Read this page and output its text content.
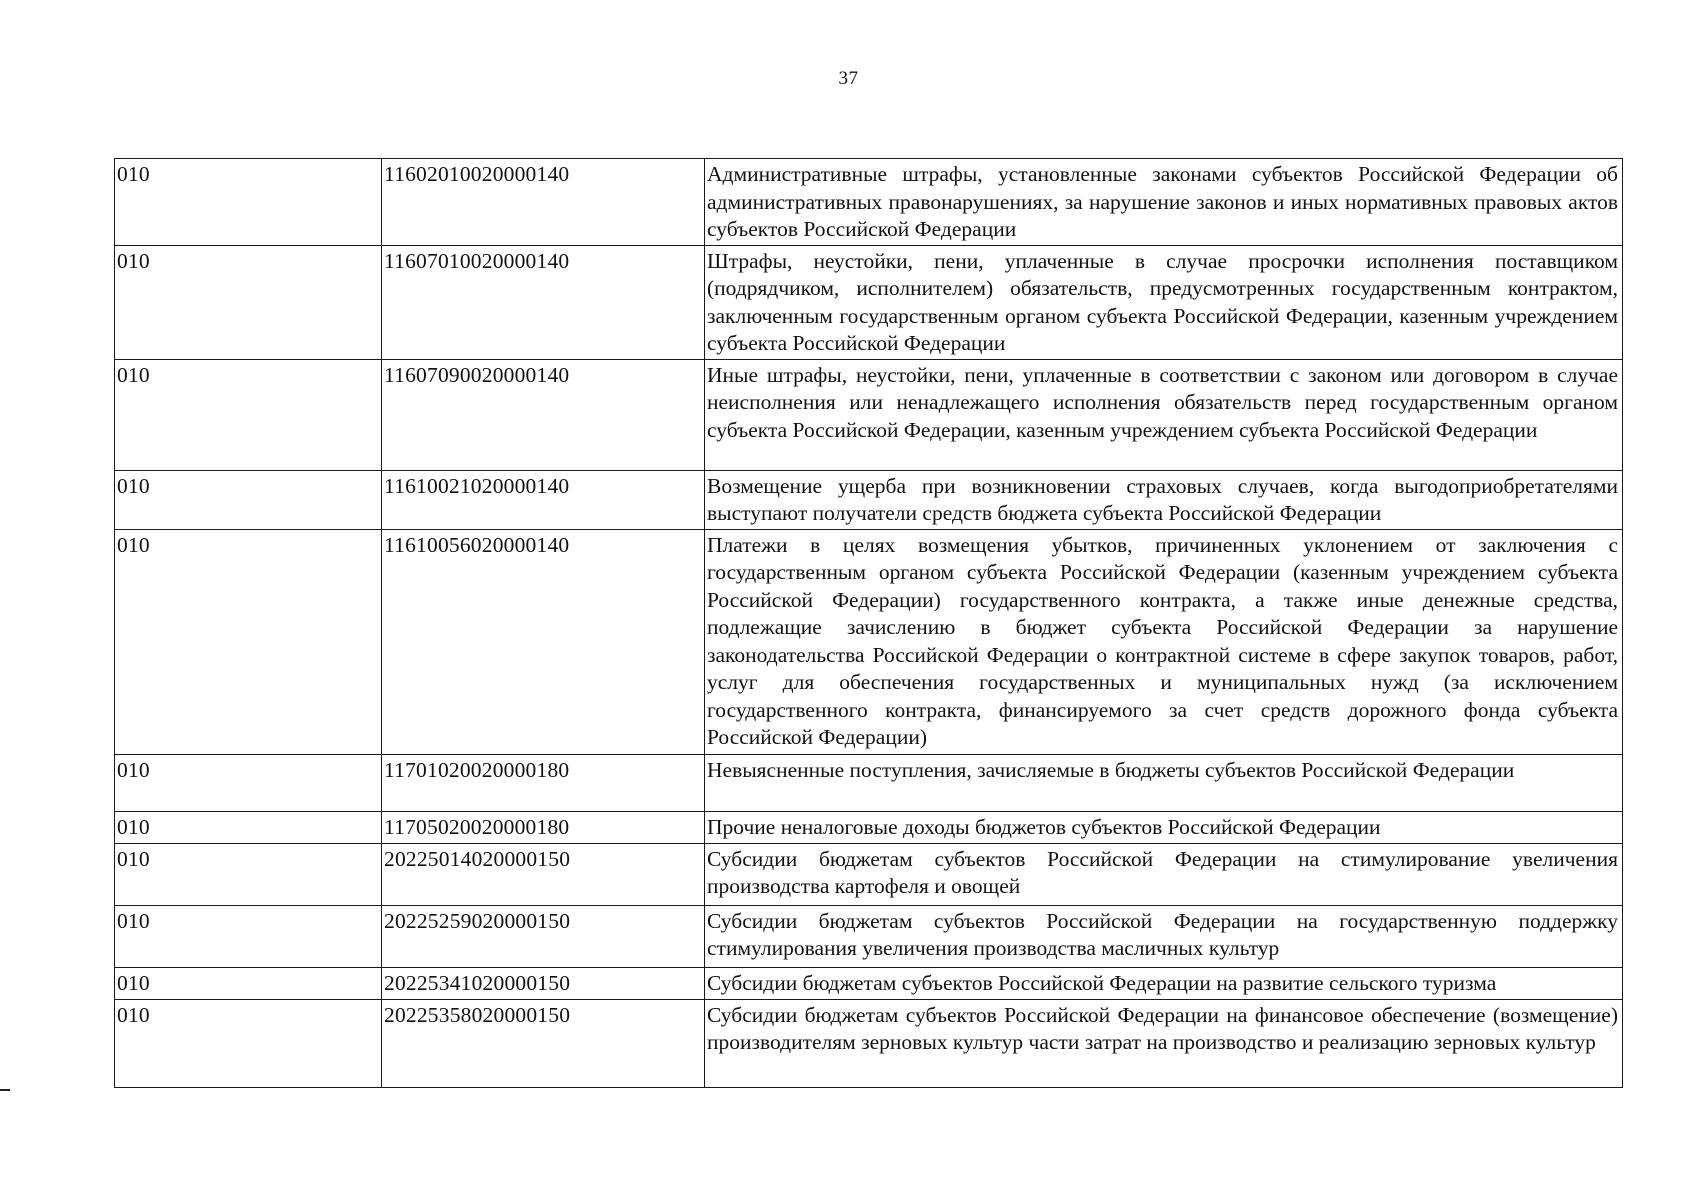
37
010	11602010020000140	Административные штрафы, установленные законами субъектов Российской Федерации об административных правонарушениях, за нарушение законов и иных нормативных правовых актов субъектов Российской Федерации
010	11607010020000140	Штрафы, неустойки, пени, уплаченные в случае просрочки исполнения поставщиком (подрядчиком, исполнителем) обязательств, предусмотренных государственным контрактом, заключенным государственным органом субъекта Российской Федерации, казенным учреждением субъекта Российской Федерации
010	11607090020000140	Иные штрафы, неустойки, пени, уплаченные в соответствии с законом или договором в случае неисполнения или ненадлежащего исполнения обязательств перед государственным органом субъекта Российской Федерации, казенным учреждением субъекта Российской Федерации
010	11610021020000140	Возмещение ущерба при возникновении страховых случаев, когда выгодоприобретателями выступают получатели средств бюджета субъекта Российской Федерации
010	11610056020000140	Платежи в целях возмещения убытков, причиненных уклонением от заключения с государственным органом субъекта Российской Федерации (казенным учреждением субъекта Российской Федерации) государственного контракта, а также иные денежные средства, подлежащие зачислению в бюджет субъекта Российской Федерации за нарушение законодательства Российской Федерации о контрактной системе в сфере закупок товаров, работ, услуг для обеспечения государственных и муниципальных нужд (за исключением государственного контракта, финансируемого за счет средств дорожного фонда субъекта Российской Федерации)
010	11701020020000180	Невыясненные поступления, зачисляемые в бюджеты субъектов Российской Федерации
010	11705020020000180	Прочие неналоговые доходы бюджетов субъектов Российской Федерации
010	20225014020000150	Субсидии бюджетам субъектов Российской Федерации на стимулирование увеличения производства картофеля и овощей
010	20225259020000150	Субсидии бюджетам субъектов Российской Федерации на государственную поддержку стимулирования увеличения производства масличных культур
010	20225341020000150	Субсидии бюджетам субъектов Российской Федерации на развитие сельского туризма
010	20225358020000150	Субсидии бюджетам субъектов Российской Федерации на финансовое обеспечение (возмещение) производителям зерновых культур части затрат на производство и реализацию зерновых культур
